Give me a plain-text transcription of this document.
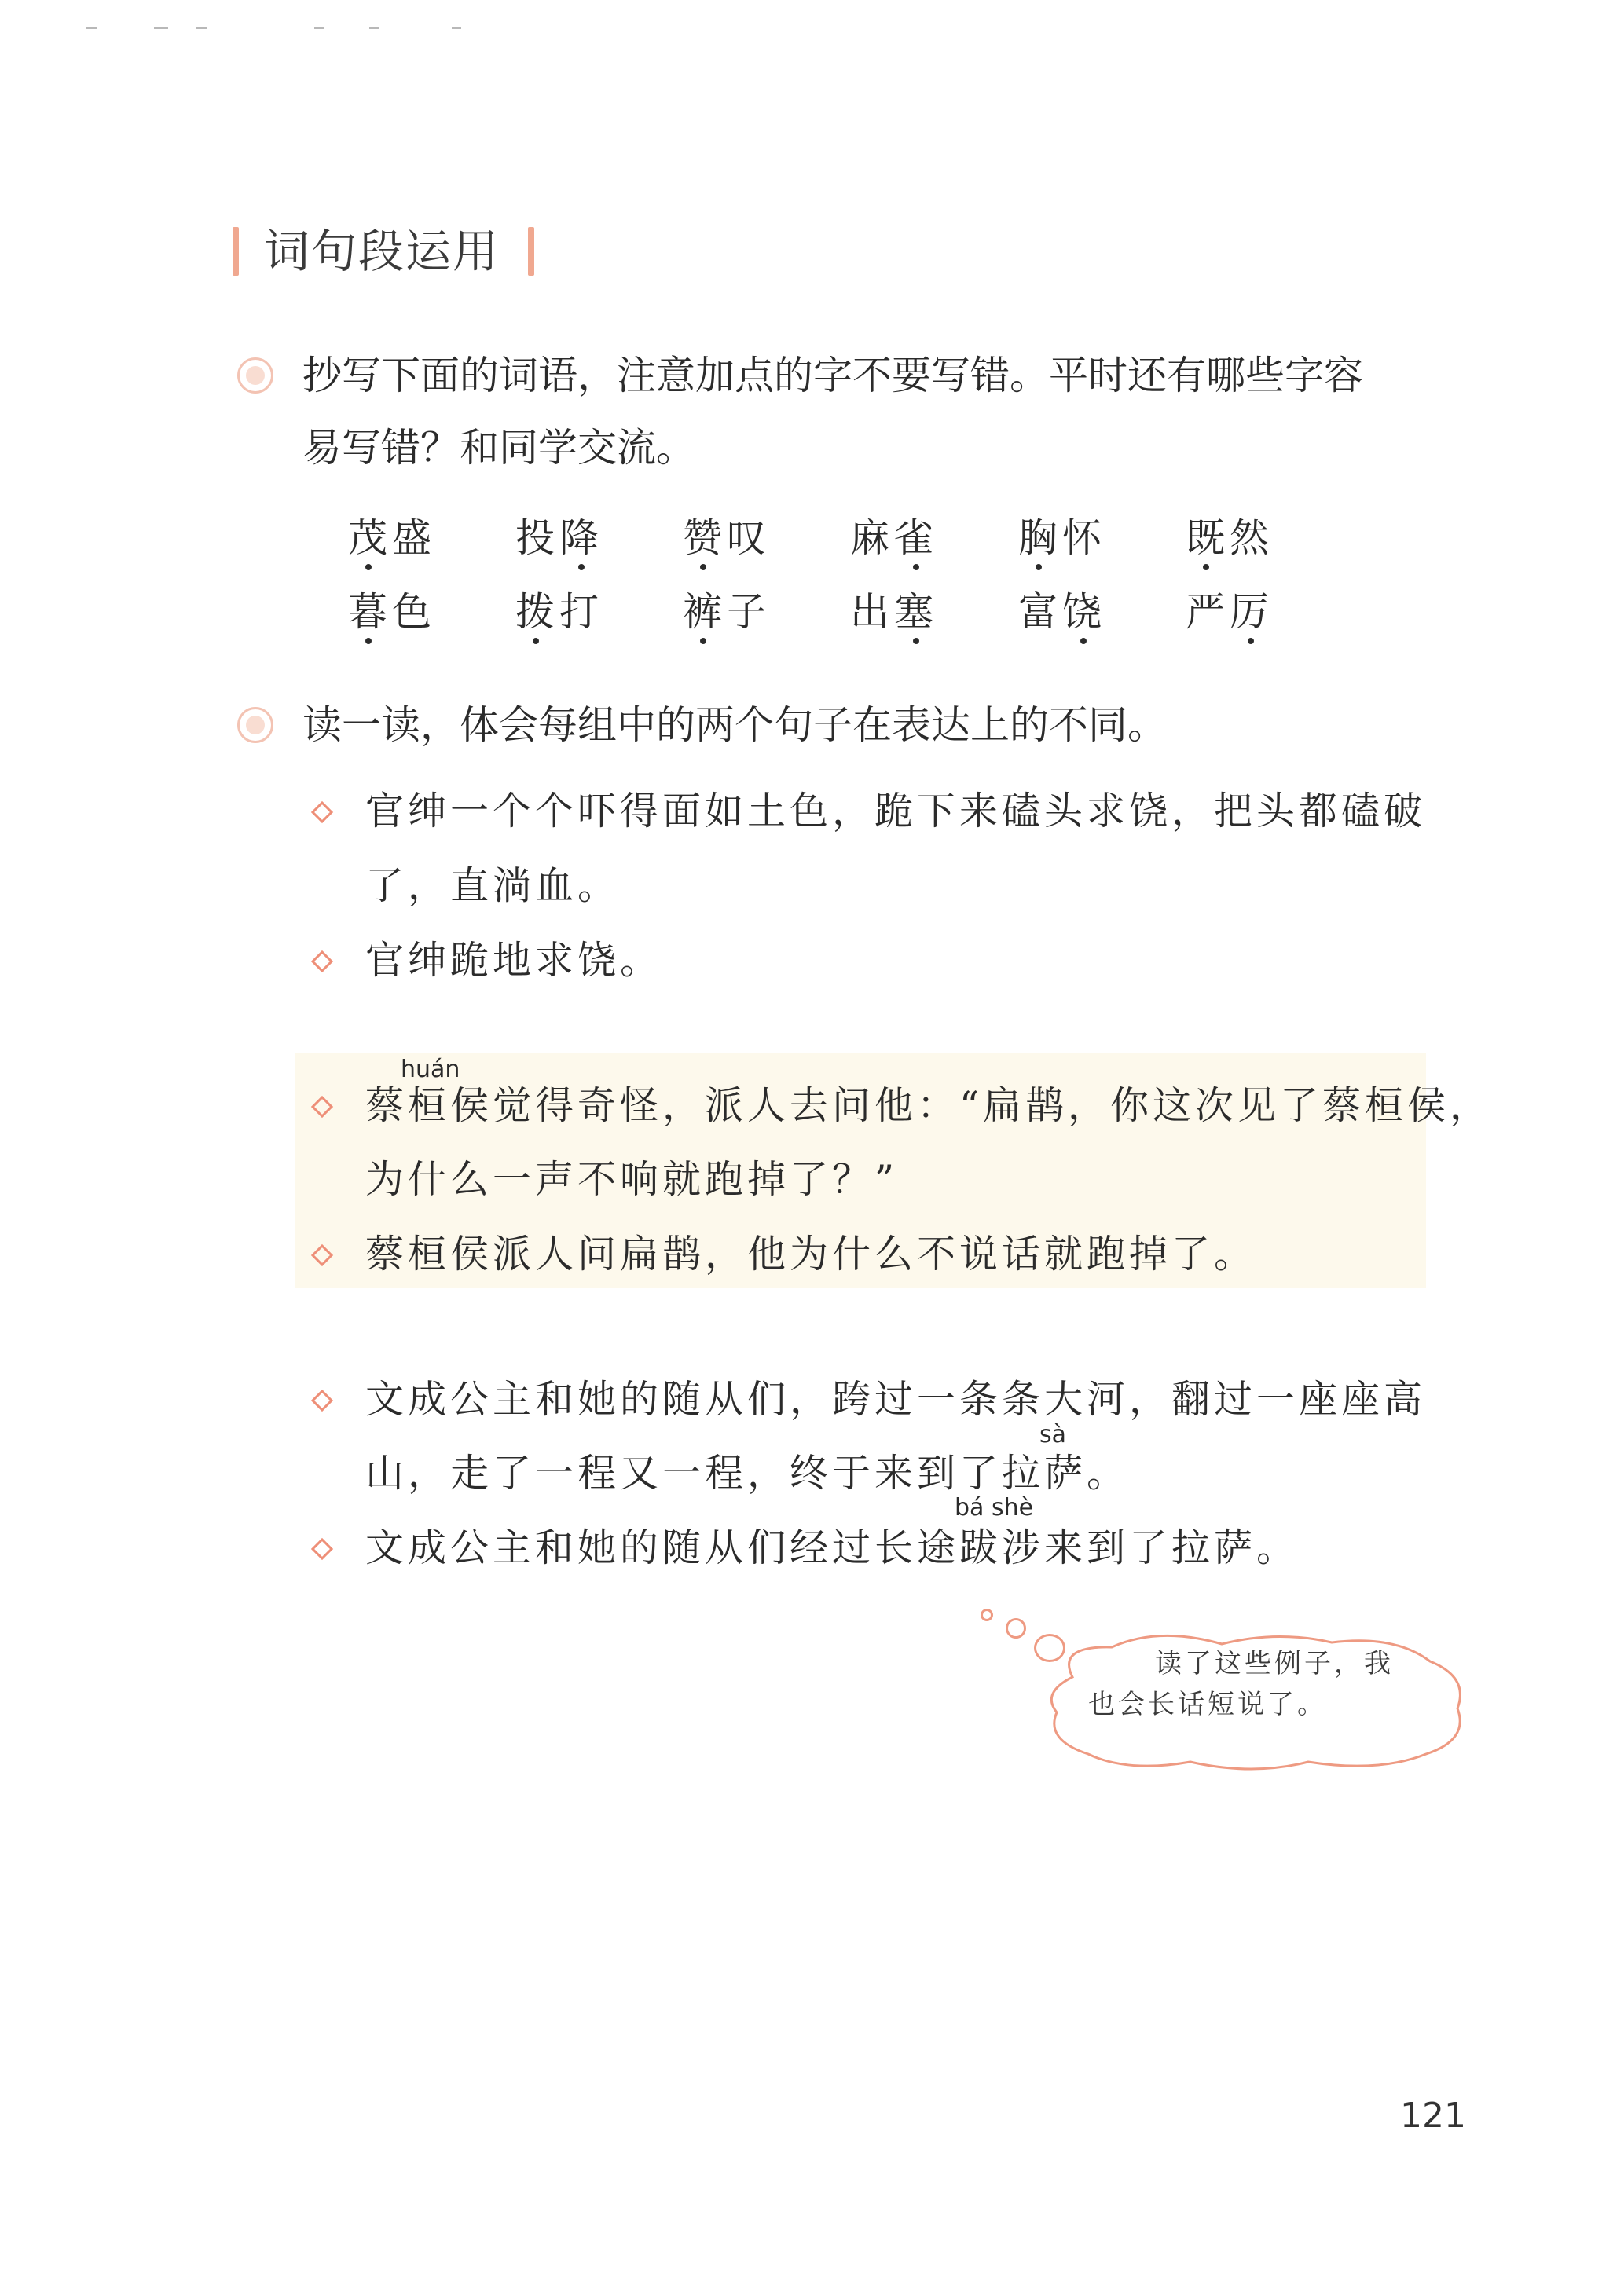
词句段运用
抄写下面的词语，注意加点的字不要写错。平时还有哪些字容
易写错？和同学交流。
茂盛 投降 赞叹 麻雀 胸怀 既然
暮色 拨打 裤子 出塞 富饶 严厉
读一读，体会每组中的两个句子在表达上的不同。
官绅一个个吓得面如土色，跪下来磕头求饶，把头都磕破
了，直淌血。
官绅跪地求饶。
huán
蔡桓侯觉得奇怪，派人去问他：“扁鹊，你这次见了蔡桓侯，
为什么一声不响就跑掉了？”
蔡桓侯派人问扁鹊，他为什么不说话就跑掉了。
文成公主和她的随从们，跨过一条条大河，翻过一座座高
sà
山，走了一程又一程，终于来到了拉萨。
bá shè
文成公主和她的随从们经过长途跋涉来到了拉萨。
读了这些例子，我
也会长话短说了。
121
